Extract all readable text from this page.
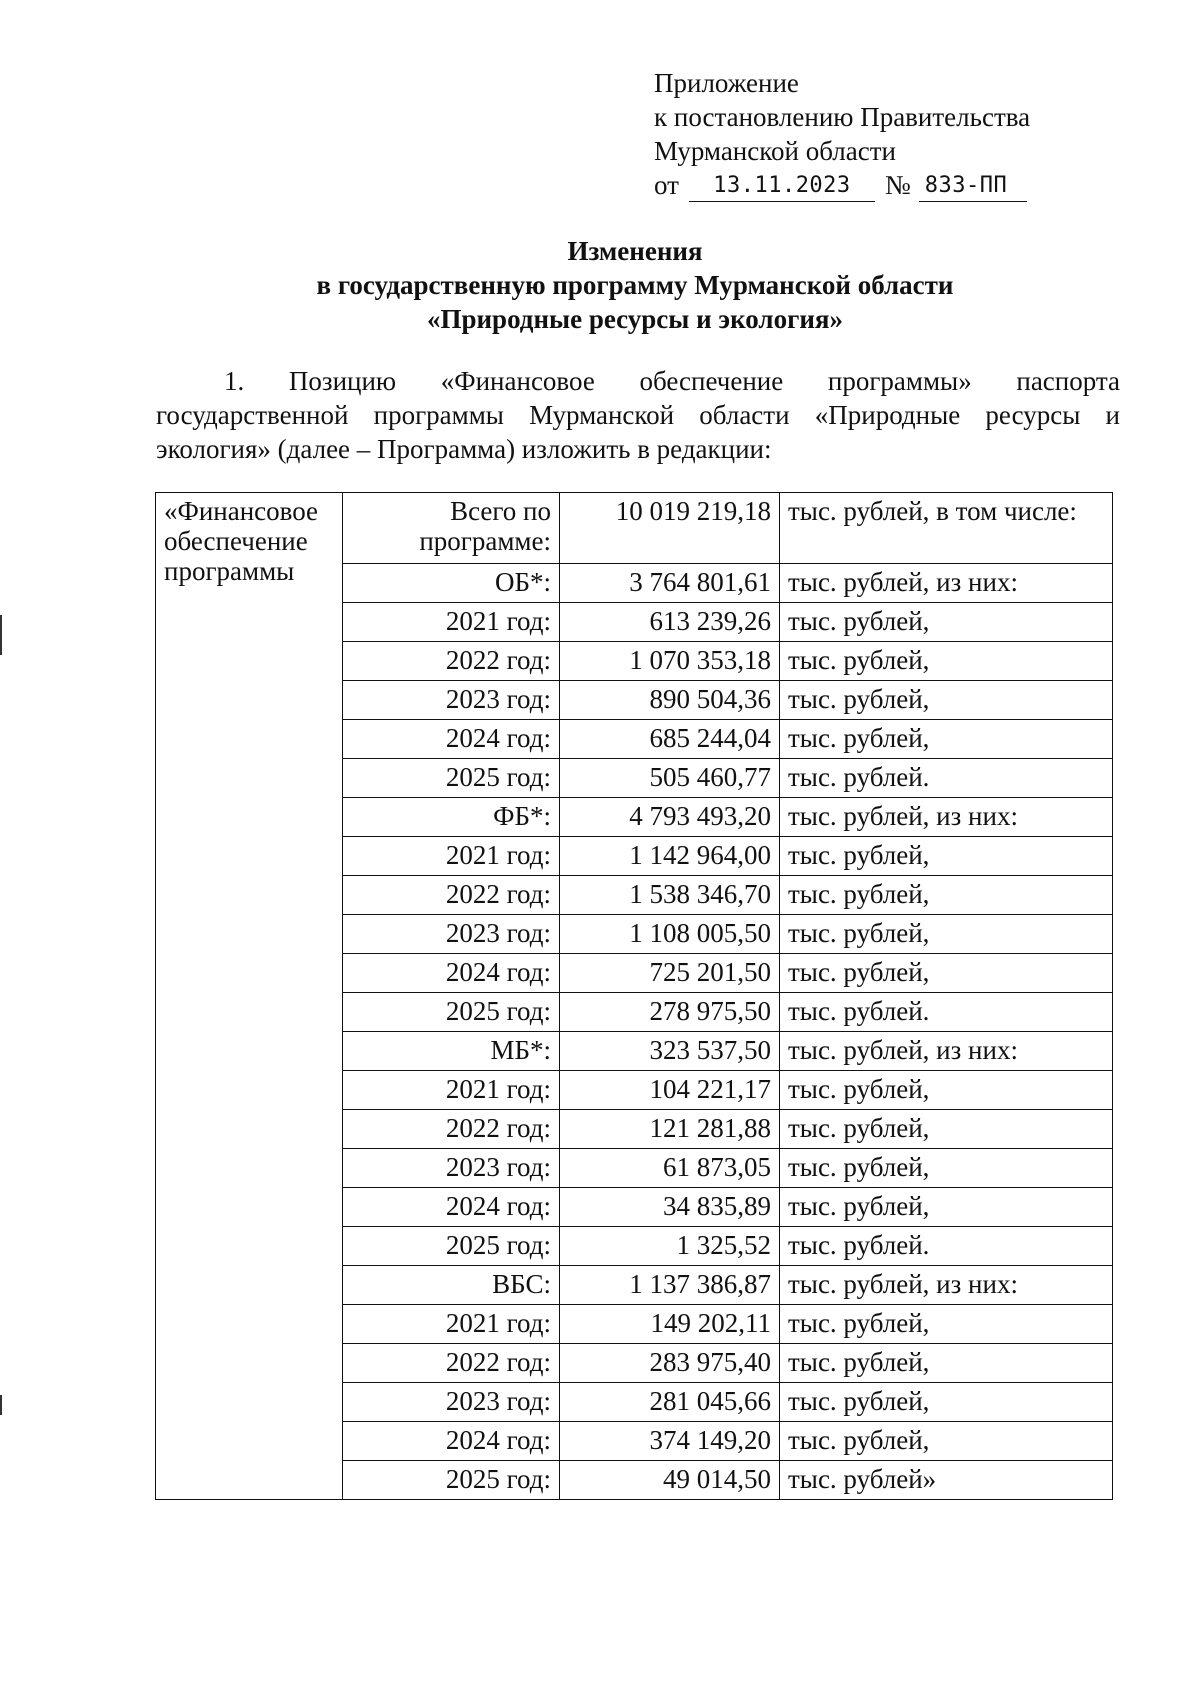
Приложение
к постановлению Правительства
Мурманской области
от	13.11.2023	№ 833-ПП
Изменения
в государственную программу Мурманской области
«Природные ресурсы и экология»
1. Позицию «Финансовое обеспечение программы» паспорта государственной программы Мурманской области «Природные ресурсы и экология» (далее – Программа) изложить в редакции:
«Финансовое обеспечение программы	Всего по программе:	10 019 219,18	тыс. рублей, в том числе:
	ОБ*:	3 764 801,61	тыс. рублей, из них:
	2021 год:	613 239,26	тыс. рублей,
	2022 год:	1 070 353,18	тыс. рублей,
	2023 год:	890 504,36	тыс. рублей,
	2024 год:	685 244,04	тыс. рублей,
	2025 год:	505 460,77	тыс. рублей.
	ФБ*:	4 793 493,20	тыс. рублей, из них:
	2021 год:	1 142 964,00	тыс. рублей,
	2022 год:	1 538 346,70	тыс. рублей,
	2023 год:	1 108 005,50	тыс. рублей,
	2024 год:	725 201,50	тыс. рублей,
	2025 год:	278 975,50	тыс. рублей.
	МБ*:	323 537,50	тыс. рублей, из них:
	2021 год:	104 221,17	тыс. рублей,
	2022 год:	121 281,88	тыс. рублей,
	2023 год:	61 873,05	тыс. рублей,
	2024 год:	34 835,89	тыс. рублей,
	2025 год:	1 325,52	тыс. рублей.
	ВБС:	1 137 386,87	тыс. рублей, из них:
	2021 год:	149 202,11	тыс. рублей,
	2022 год:	283 975,40	тыс. рублей,
	2023 год:	281 045,66	тыс. рублей,
	2024 год:	374 149,20	тыс. рублей,
	2025 год:	49 014,50	тыс. рублей»
